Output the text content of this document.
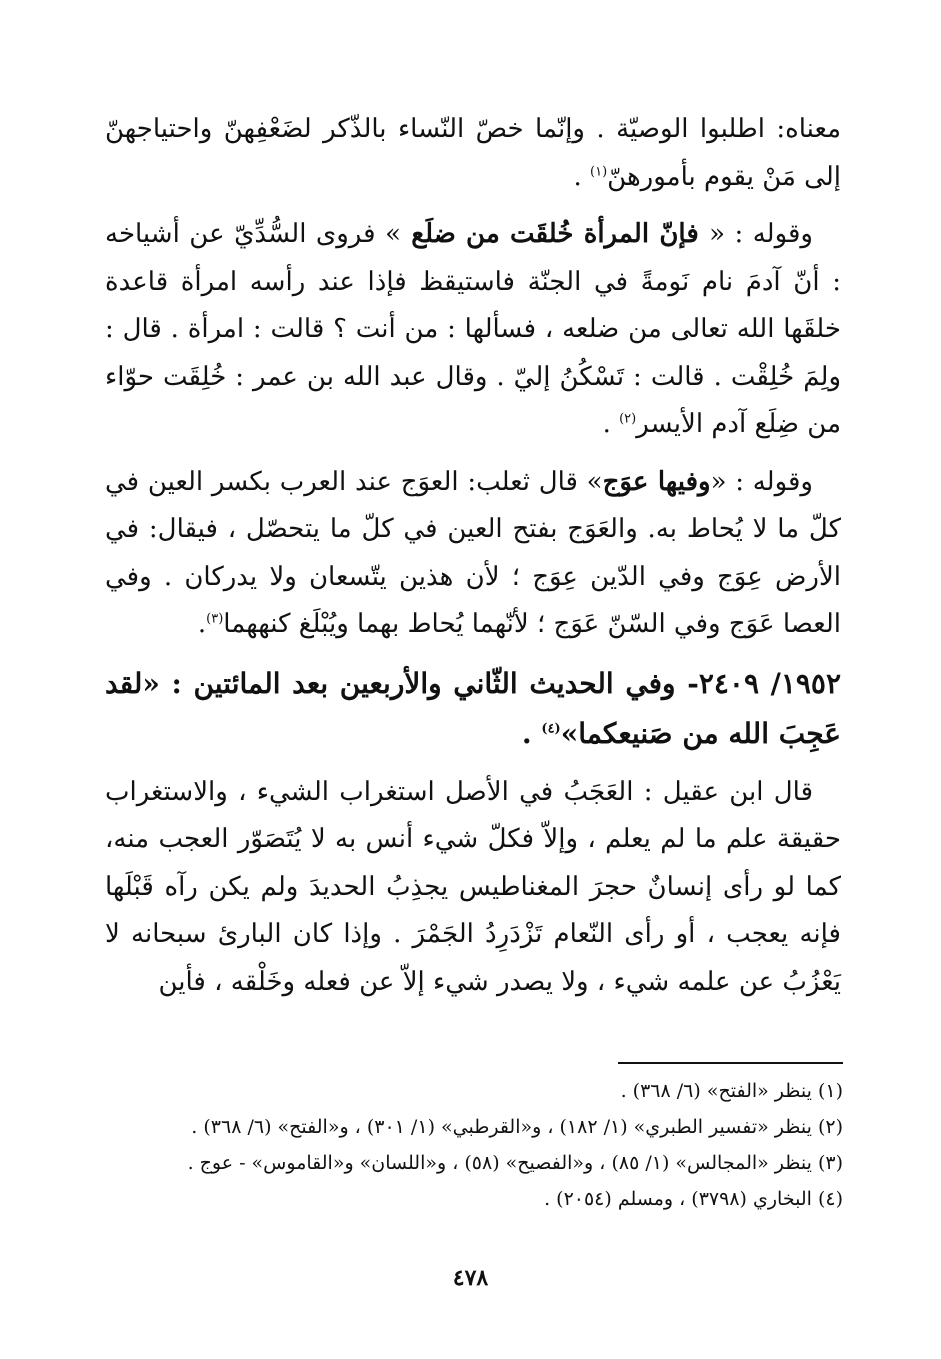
معناه: اطلبوا الوصيّة . وإنّما خصّ النّساء بالذّكر لضَعْفِهنّ واحتياجهنّ إلى مَنْ يقوم بأمورهنّ$^{(١)}$ .

وقوله : « فإنّ المرأة خُلقَت من ضلَع » فروى السُّدِّيّ عن أشياخه : أنّ آدمَ نام نَومةً في الجنّة فاستيقظ فإذا عند رأسه امرأة قاعدة خلقَها الله تعالى من ضلعه ، فسألها : من أنت ؟ قالت : امرأة . قال : ولِمَ خُلِقْت . قالت : تَسْكُنُ إليّ . وقال عبد الله بن عمر : خُلِقَت حوّاء من ضِلَع آدم الأيسر$^{(٢)}$ .

وقوله : «وفيها عوَج» قال ثعلب: العوَج عند العرب بكسر العين في كلّ ما لا يُحاط به. والعَوَج بفتح العين في كلّ ما يتحصّل ، فيقال: في الأرض عِوَج وفي الدّين عِوَج ؛ لأن هذين يتّسعان ولا يدركان . وفي العصا عَوَج وفي السّنّ عَوَج ؛ لأنّهما يُحاط بهما ويُبْلَغ كنههما$^{(٣)}$.

١٩٥٢/ ٢٤٠٩- وفي الحديث الثّاني والأربعين بعد المائتين : «لقد عَجِبَ الله من صَنيعكما»$^{(٤)}$ .

قال ابن عقيل : العَجَبُ في الأصل استغراب الشيء ، والاستغراب حقيقة علم ما لم يعلم ، وإلاّ فكلّ شيء أنس به لا يُتَصَوّر العجب منه، كما لو رأى إنسانٌ حجرَ المغناطيس يجذِبُ الحديدَ ولم يكن رآه قَبْلَها فإنه يعجب ، أو رأى النّعام تَزْدَرِدُ الجَمْرَ . وإذا كان البارئ سبحانه لا يَعْزُبُ عن علمه شيء ، ولا يصدر شيء إلاّ عن فعله وخَلْقه ، فأين

(١) ينظر «الفتح» (٦/ ٣٦٨) .
(٢) ينظر «تفسير الطبري» (١/ ١٨٢) ، و«القرطبي» (١/ ٣٠١) ، و«الفتح» (٦/ ٣٦٨) .
(٣) ينظر «المجالس» (١/ ٨٥) ، و«الفصيح» (٥٨) ، و«اللسان» و«القاموس» - عوج .
(٤) البخاري (٣٧٩٨) ، ومسلم (٢٠٥٤) .
٤٧٨
